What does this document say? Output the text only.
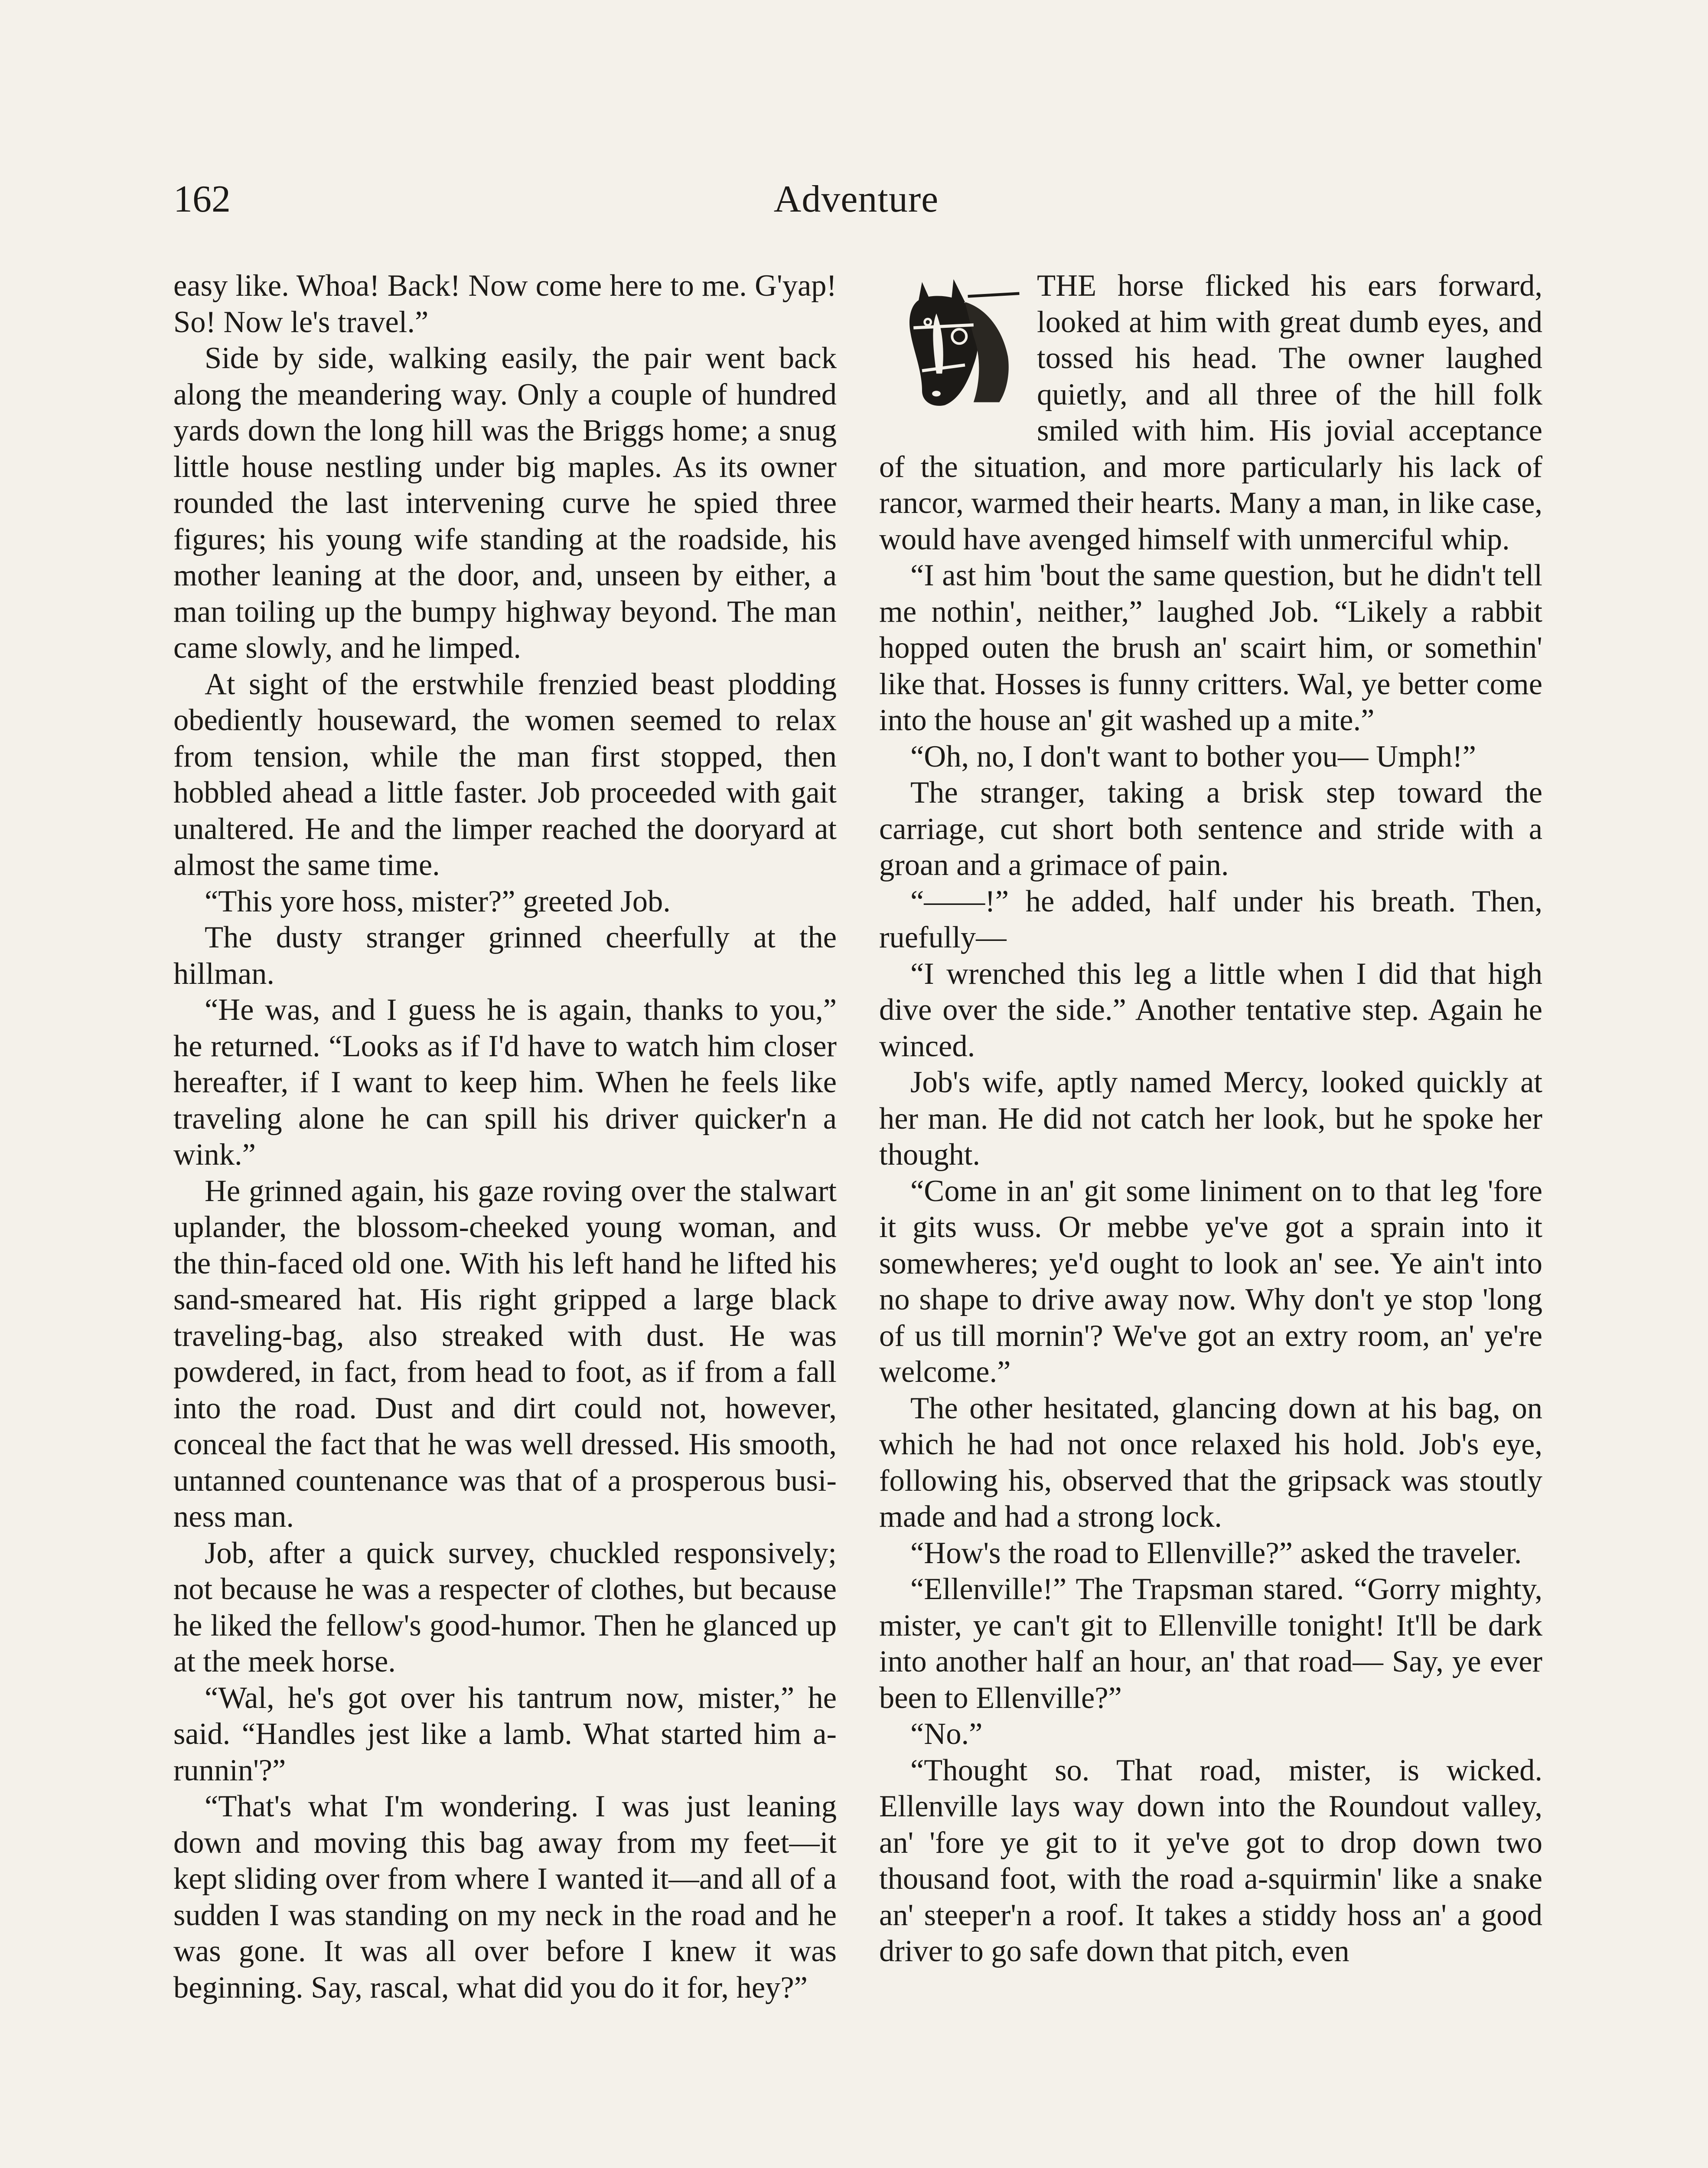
162	Adventure

easy like. Whoa! Back! Now come here to me. G'yap! So! Now le's travel.”

Side by side, walking easily, the pair went back along the meandering way. Only a couple of hundred yards down the long hill was the Briggs home; a snug little house nestling under big maples. As its owner rounded the last intervening curve he spied three figures; his young wife standing at the roadside, his mother leaning at the door, and, unseen by either, a man toiling up the bumpy highway beyond. The man came slowly, and he limped.

At sight of the erstwhile frenzied beast plodding obediently houseward, the women seemed to relax from tension, while the man first stopped, then hobbled ahead a little faster. Job proceeded with gait unaltered. He and the limper reached the dooryard at almost the same time.

“This yore hoss, mister?” greeted Job.

The dusty stranger grinned cheerfully at the hillman.

“He was, and I guess he is again, thanks to you,” he returned. “Looks as if I'd have to watch him closer hereafter, if I want to keep him. When he feels like traveling alone he can spill his driver quicker'n a wink.”

He grinned again, his gaze roving over the stalwart uplander, the blossom-cheeked young woman, and the thin-faced old one. With his left hand he lifted his sand-smeared hat. His right gripped a large black traveling-bag, also streaked with dust. He was powdered, in fact, from head to foot, as if from a fall into the road. Dust and dirt could not, however, conceal the fact that he was well dressed. His smooth, untanned countenance was that of a prosperous business man.

Job, after a quick survey, chuckled responsively; not because he was a respecter of clothes, but because he liked the fellow's good-humor. Then he glanced up at the meek horse.

“Wal, he's got over his tantrum now, mister,” he said. “Handles jest like a lamb. What started him a-runnin'?”

“That's what I'm wondering. I was just leaning down and moving this bag away from my feet—it kept sliding over from where I wanted it—and all of a sudden I was standing on my neck in the road and he was gone. It was all over before I knew it was beginning. Say, rascal, what did you do it for, hey?”

THE horse flicked his ears forward, looked at him with great dumb eyes, and tossed his head. The owner laughed quietly, and all three of the hill folk smiled with him. His jovial acceptance of the situation, and more particularly his lack of rancor, warmed their hearts. Many a man, in like case, would have avenged himself with unmerciful whip.

“I ast him 'bout the same question, but he didn't tell me nothin', neither,” laughed Job. “Likely a rabbit hopped outen the brush an' scairt him, or somethin' like that. Hosses is funny critters. Wal, ye better come into the house an' git washed up a mite.”

“Oh, no, I don't want to bother you— Umph!”

The stranger, taking a brisk step toward the carriage, cut short both sentence and stride with a groan and a grimace of pain.

“——!” he added, half under his breath. Then, ruefully—

“I wrenched this leg a little when I did that high dive over the side.” Another tentative step. Again he winced.

Job's wife, aptly named Mercy, looked quickly at her man. He did not catch her look, but he spoke her thought.

“Come in an' git some liniment on to that leg 'fore it gits wuss. Or mebbe ye've got a sprain into it somewheres; ye'd ought to look an' see. Ye ain't into no shape to drive away now. Why don't ye stop 'long of us till mornin'? We've got an extry room, an' ye're welcome.”

The other hesitated, glancing down at his bag, on which he had not once relaxed his hold. Job's eye, following his, observed that the gripsack was stoutly made and had a strong lock.

“How's the road to Ellenville?” asked the traveler.

“Ellenville!” The Trapsman stared. “Gorry mighty, mister, ye can't git to Ellenville tonight! It'll be dark into another half an hour, an' that road— Say, ye ever been to Ellenville?”

“No.”

“Thought so. That road, mister, is wicked. Ellenville lays way down into the Roundout valley, an' 'fore ye git to it ye've got to drop down two thousand foot, with the road a-squirmin' like a snake an' steeper'n a roof. It takes a stiddy hoss an' a good driver to go safe down that pitch, even
